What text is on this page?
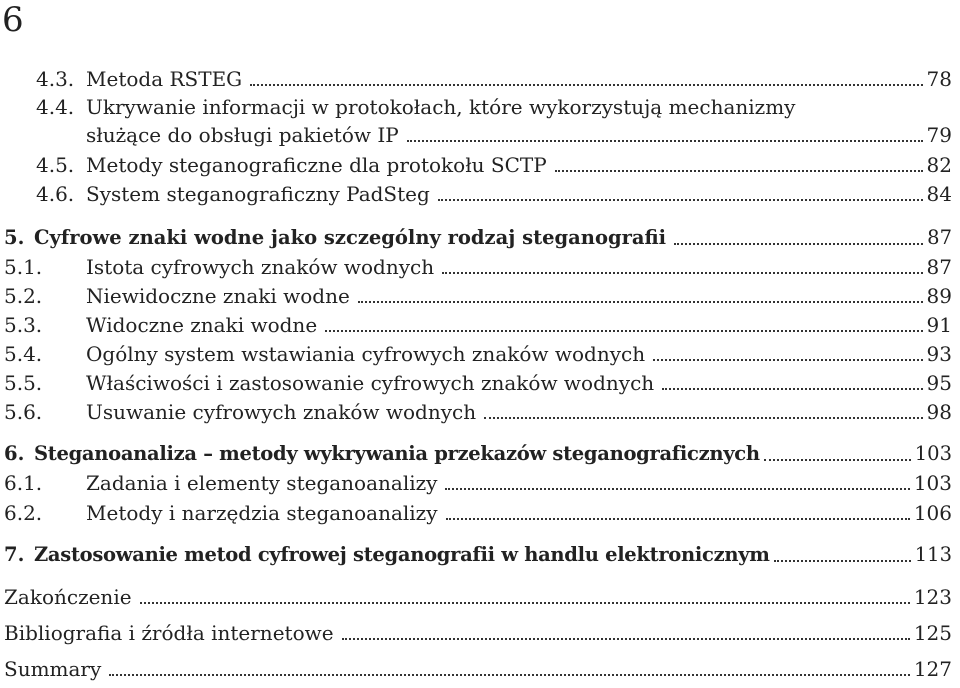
6
4.3. Metoda RSTEG	78
4.4. Ukrywanie informacji w protokołach, które wykorzystują mechanizmy
służące do obsługi pakietów IP	79
4.5. Metody steganograficzne dla protokołu SCTP	82
4.6. System steganograficzny PadSteg	84
5. Cyfrowe znaki wodne jako szczególny rodzaj steganografii	87
5.1.	Istota cyfrowych znaków wodnych	87
5.2.	Niewidoczne znaki wodne	89
5.3.	Widoczne znaki wodne	91
5.4.	Ogólny system wstawiania cyfrowych znaków wodnych	93
5.5.	Właściwości i zastosowanie cyfrowych znaków wodnych	95
5.6.	Usuwanie cyfrowych znaków wodnych	98
6. Steganoanaliza – metody wykrywania przekazów steganograficznych	103
6.1.	Zadania i elementy steganoanalizy	103
6.2.	Metody i narzędzia steganoanalizy	106
7. Zastosowanie metod cyfrowej steganografii w handlu elektronicznym	113
Zakończenie	123
Bibliografia i źródła internetowe	125
Summary	127
